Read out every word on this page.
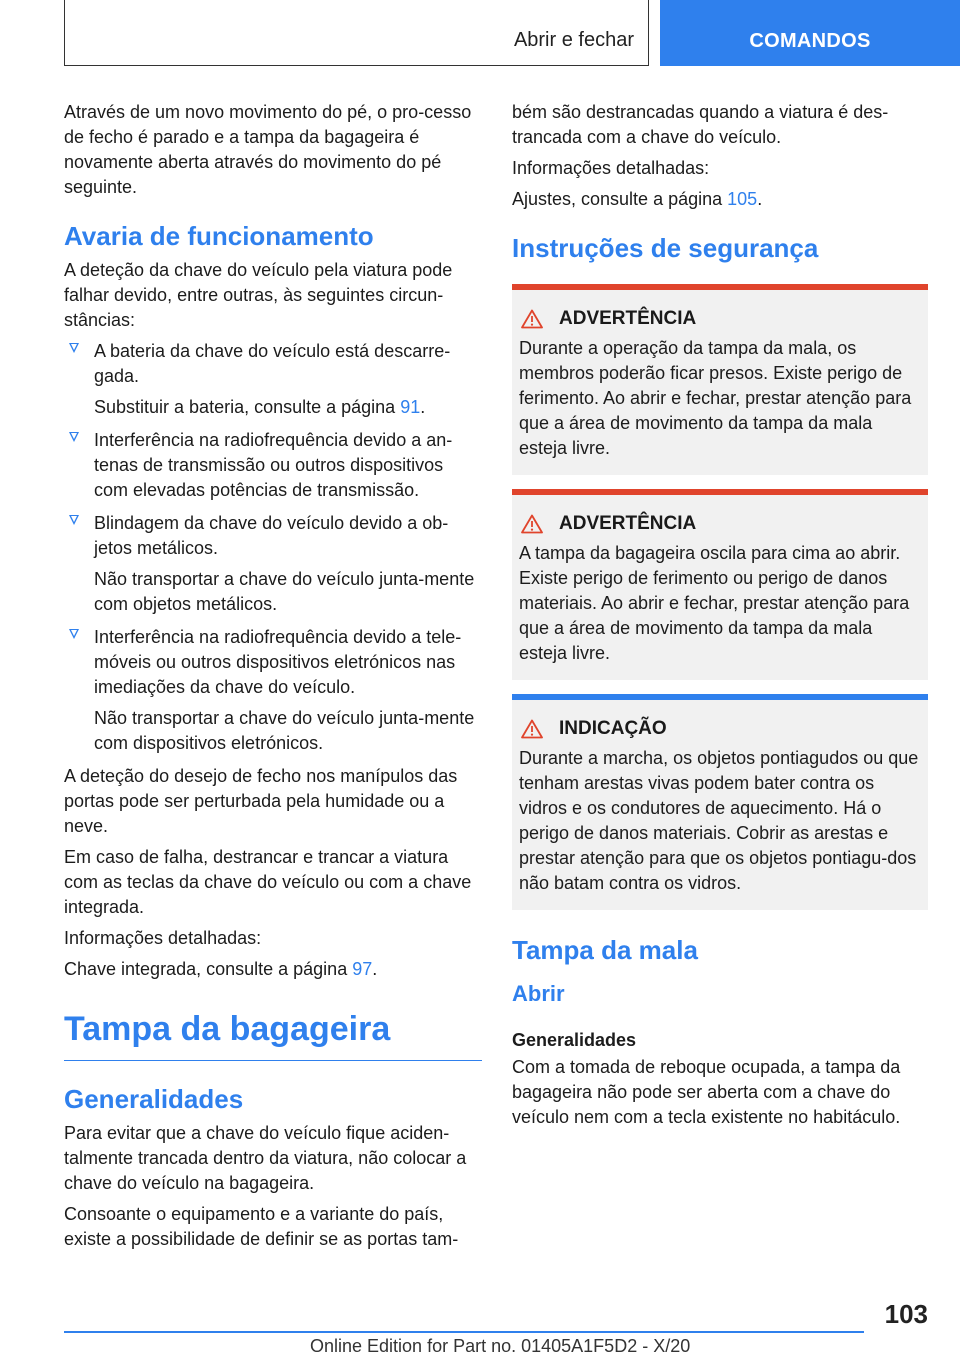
Abrir e fechar	COMANDOS

Através de um novo movimento do pé, o pro-cesso de fecho é parado e a tampa da bagageira é novamente aberta através do movimento do pé seguinte.

Avaria de funcionamento

A deteção da chave do veículo pela viatura pode falhar devido, entre outras, às seguintes circun-stâncias:

A bateria da chave do veículo está descarre-gada.

Substituir a bateria, consulte a página 91.

Interferência na radiofrequência devido a an-tenas de transmissão ou outros dispositivos com elevadas potências de transmissão.

Blindagem da chave do veículo devido a ob-jetos metálicos.

Não transportar a chave do veículo junta-mente com objetos metálicos.

Interferência na radiofrequência devido a tele-móveis ou outros dispositivos eletrónicos nas imediações da chave do veículo.

Não transportar a chave do veículo junta-mente com dispositivos eletrónicos.

A deteção do desejo de fecho nos manípulos das portas pode ser perturbada pela humidade ou a neve.

Em caso de falha, destrancar e trancar a viatura com as teclas da chave do veículo ou com a chave integrada.

Informações detalhadas:

Chave integrada, consulte a página 97.

Tampa da bagageira
Generalidades

Para evitar que a chave do veículo fique aciden-talmente trancada dentro da viatura, não colocar a chave do veículo na bagageira.

Consoante o equipamento e a variante do país, existe a possibilidade de definir se as portas tam-

bém são destrancadas quando a viatura é des-trancada com a chave do veículo.

Informações detalhadas:

Ajustes, consulte a página 105.

Instruções de segurança
ADVERTÊNCIA

Durante a operação da tampa da mala, os membros poderão ficar presos. Existe perigo de ferimento. Ao abrir e fechar, prestar atenção para que a área de movimento da tampa da mala esteja livre.

ADVERTÊNCIA

A tampa da bagageira oscila para cima ao abrir. Existe perigo de ferimento ou perigo de danos materiais. Ao abrir e fechar, prestar atenção para que a área de movimento da tampa da mala esteja livre.

INDICAÇÃO

Durante a marcha, os objetos pontiagudos ou que tenham arestas vivas podem bater contra os vidros e os condutores de aquecimento. Há o perigo de danos materiais. Cobrir as arestas e prestar atenção para que os objetos pontiagu-dos não batam contra os vidros.

Tampa da mala
Abrir
Generalidades

Com a tomada de reboque ocupada, a tampa da bagageira não pode ser aberta com a chave do veículo nem com a tecla existente no habitáculo.

103
Online Edition for Part no. 01405A1F5D2 - X/20
